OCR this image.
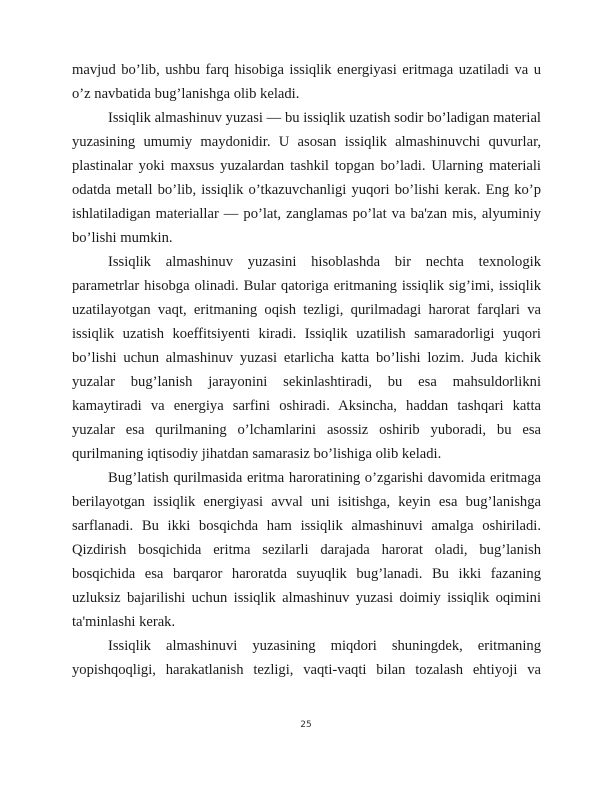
mavjud bo’lib, ushbu farq hisobiga issiqlik energiyasi eritmaga uzatiladi va u o’z navbatida bug’lanishga olib keladi.

Issiqlik almashinuv yuzasi — bu issiqlik uzatish sodir bo’ladigan material yuzasining umumiy maydonidir. U asosan issiqlik almashinuvchi quvurlar, plastinalar yoki maxsus yuzalardan tashkil topgan bo’ladi. Ularning materiali odatda metall bo’lib, issiqlik o’tkazuvchanligi yuqori bo’lishi kerak. Eng ko’p ishlatiladigan materiallar — po’lat, zanglamas po’lat va ba'zan mis, alyuminiy bo’lishi mumkin.

Issiqlik almashinuv yuzasini hisoblashda bir nechta texnologik parametrlar hisobga olinadi. Bular qatoriga eritmaning issiqlik sig’imi, issiqlik uzatilayotgan vaqt, eritmaning oqish tezligi, qurilmadagi harorat farqlari va issiqlik uzatish koeffitsiyenti kiradi. Issiqlik uzatilish samaradorligi yuqori bo’lishi uchun almashinuv yuzasi etarlicha katta bo’lishi lozim. Juda kichik yuzalar bug’lanish jarayonini sekinlashtiradi, bu esa mahsuldorlikni kamaytiradi va energiya sarfini oshiradi. Aksincha, haddan tashqari katta yuzalar esa qurilmaning o’lchamlarini asossiz oshirib yuboradi, bu esa qurilmaning iqtisodiy jihatdan samarasiz bo’lishiga olib keladi.

Bug’latish qurilmasida eritma haroratining o’zgarishi davomida eritmaga berilayotgan issiqlik energiyasi avval uni isitishga, keyin esa bug’lanishga sarflanadi. Bu ikki bosqichda ham issiqlik almashinuvi amalga oshiriladi. Qizdirish bosqichida eritma sezilarli darajada harorat oladi, bug’lanish bosqichida esa barqaror haroratda suyuqlik bug’lanadi. Bu ikki fazaning uzluksiz bajarilishi uchun issiqlik almashinuv yuzasi doimiy issiqlik oqimini ta'minlashi kerak.

Issiqlik almashinuvi yuzasining miqdori shuningdek, eritmaning yopishqoqligi, harakatlanish tezligi, vaqti-vaqti bilan tozalash ehtiyoji va

25
